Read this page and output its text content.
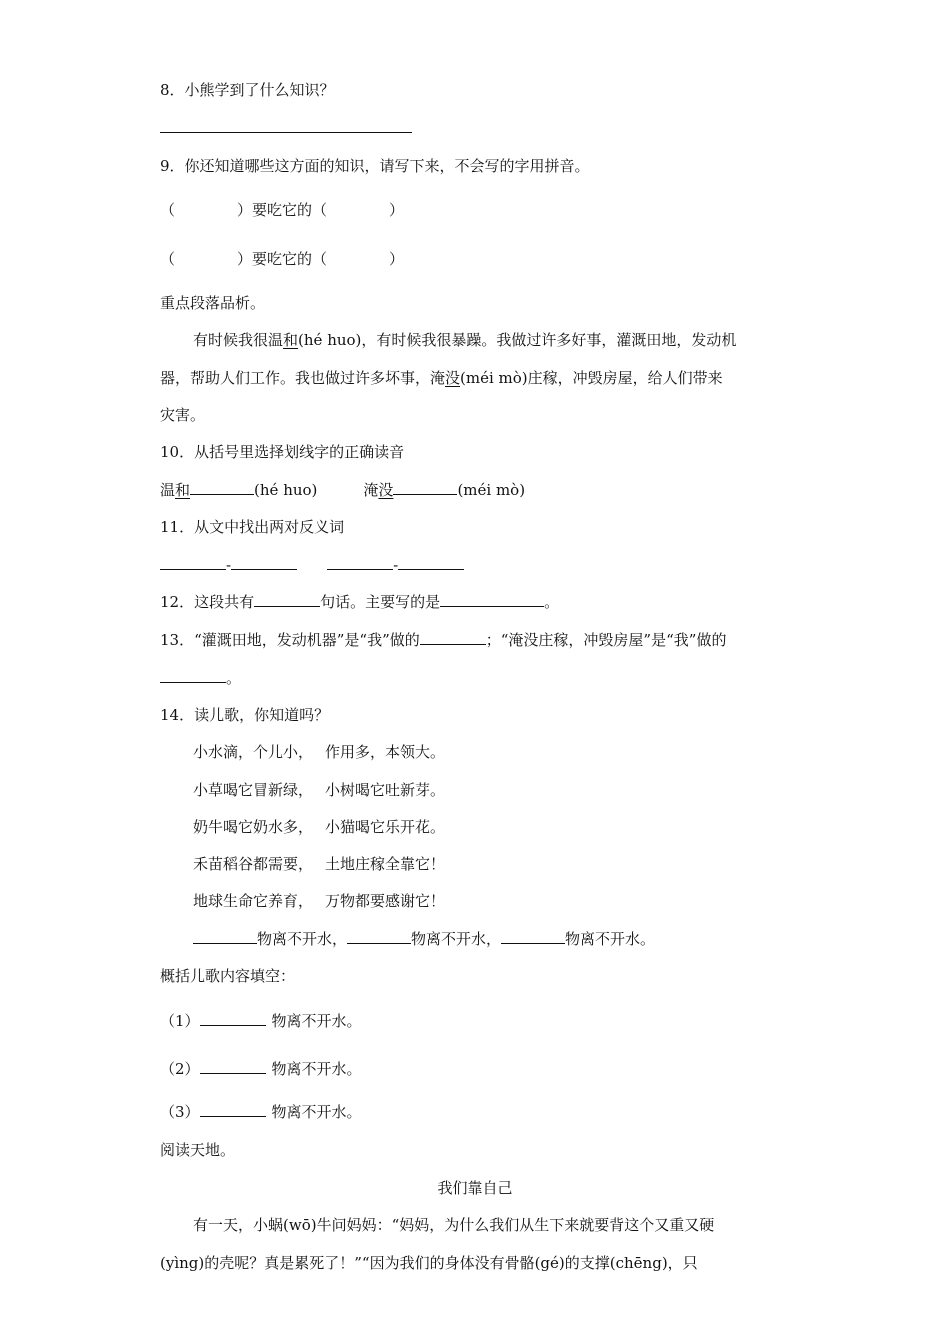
8．小熊学到了什么知识？
9．你还知道哪些这方面的知识，请写下来，不会写的字用拼音。
（	）要吃它的（	）
（	）要吃它的（	）
重点段落品析。
有时候我很温和(hé huo)，有时候我很暴躁。我做过许多好事，灌溉田地，发动机
器，帮助人们工作。我也做过许多坏事，淹没(méi mò)庄稼，冲毁房屋，给人们带来
灾害。
10．从括号里选择划线字的正确读音
温和	(hé huo)	淹没	(méi mò)
11．从文中找出两对反义词
-	-
12．这段共有	句话。主要写的是	。
13．“灌溉田地，发动机器”是“我”做的	；“淹没庄稼，冲毁房屋”是“我”做的
。
14．读儿歌，你知道吗？
小水滴，个儿小， 作用多，本领大。
小草喝它冒新绿， 小树喝它吐新芽。
奶牛喝它奶水多， 小猫喝它乐开花。
禾苗稻谷都需要， 土地庄稼全靠它！
地球生命它养育， 万物都要感谢它！
物离不开水，	物离不开水，	物离不开水。
概括儿歌内容填空：
（1）	物离不开水。
（2）	物离不开水。
（3）	物离不开水。
阅读天地。
我们靠自己
有一天，小蜗(wō)牛问妈妈：“妈妈，为什么我们从生下来就要背这个又重又硬
(yìng)的壳呢？真是累死了！”“因为我们的身体没有骨骼(gé)的支撑(chēng)，只
